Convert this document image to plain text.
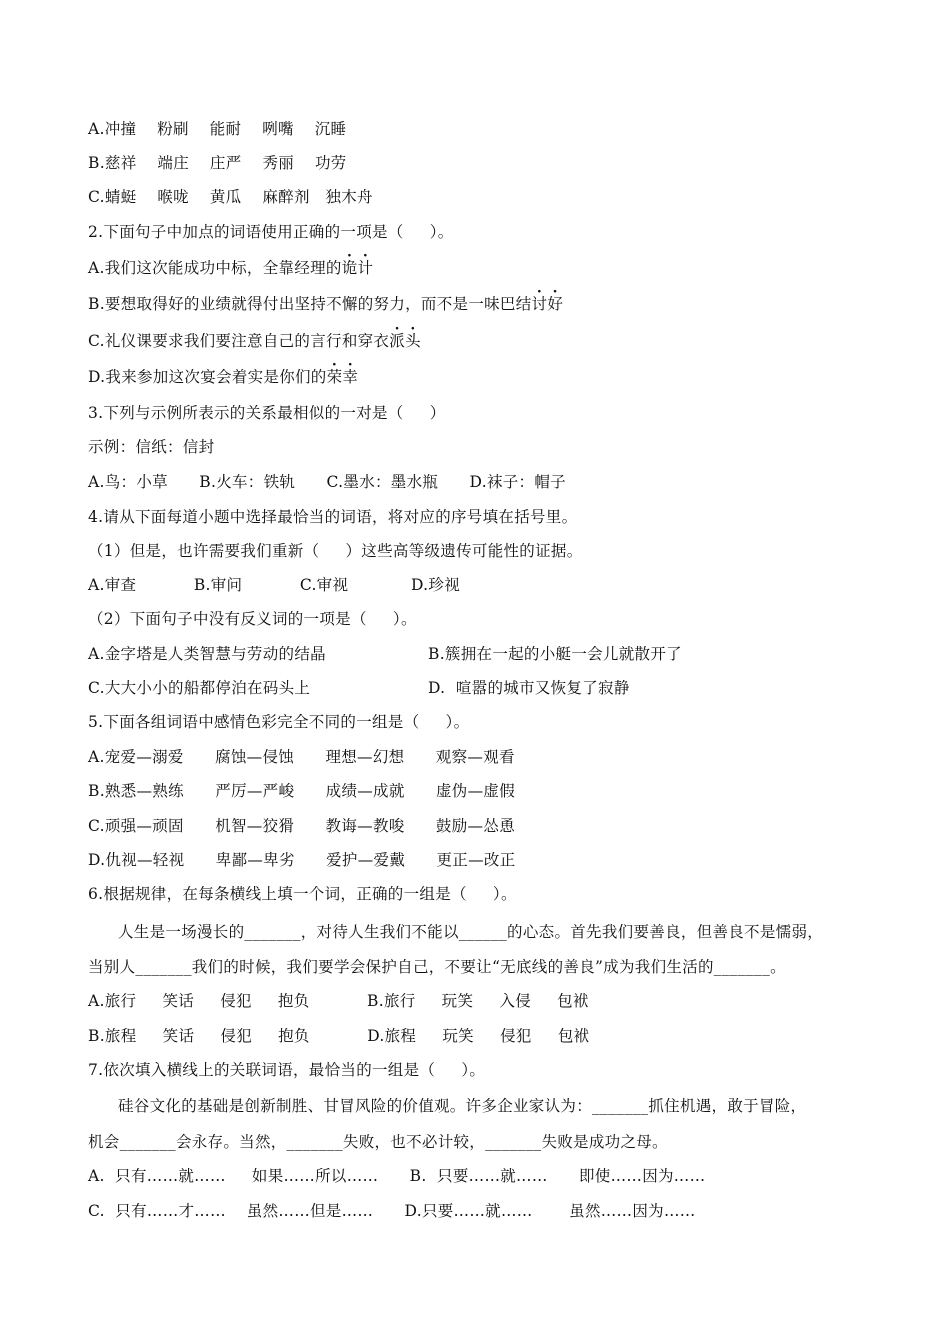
A.冲撞    粉刷    能耐    咧嘴    沉睡
B.慈祥    端庄    庄严    秀丽    功劳
C.蜻蜓    喉咙    黄瓜    麻醉剂   独木舟
2.下面句子中加点的词语使用正确的一项是（     ）。
A.我们这次能成功中标，全靠经理的诡计
B.要想取得好的业绩就得付出坚持不懈的努力，而不是一味巴结讨好
C.礼仪课要求我们要注意自己的言行和穿衣派头
D.我来参加这次宴会着实是你们的荣幸
3.下列与示例所表示的关系最相似的一对是（     ）
示例：信纸：信封
A.鸟：小草      B.火车：铁轨      C.墨水：墨水瓶      D.袜子：帽子
4.请从下面每道小题中选择最恰当的词语，将对应的序号填在括号里。
（1）但是，也许需要我们重新（     ）这些高等级遗传可能性的证据。
A.审查           B.审问           C.审视            D.珍视
（2）下面句子中没有反义词的一项是（     ）。
A.金字塔是人类智慧与劳动的结晶	B.簇拥在一起的小艇一会儿就散开了
C.大大小小的船都停泊在码头上	D.  喧嚣的城市又恢复了寂静
5.下面各组词语中感情色彩完全不同的一组是（     ）。
A.宠爱—溺爱      腐蚀—侵蚀      理想—幻想      观察—观看
B.熟悉—熟练      严厉—严峻      成绩—成就      虚伪—虚假
C.顽强—顽固      机智—狡猾      教诲—教唆      鼓励—怂恿
D.仇视—轻视      卑鄙—卑劣      爱护—爱戴      更正—改正
6.根据规律，在每条横线上填一个词，正确的一组是（     ）。
人生是一场漫长的_______，对待人生我们不能以______的心态。首先我们要善良，但善良不是懦弱，
当别人_______我们的时候，我们要学会保护自己，不要让“无底线的善良”成为我们生活的_______。
A.旅行     笑话     侵犯     抱负           B.旅行     玩笑     入侵     包袱
B.旅程     笑话     侵犯     抱负           D.旅程     玩笑     侵犯     包袱
7.依次填入横线上的关联词语，最恰当的一组是（     ）。
硅谷文化的基础是创新制胜、甘冒风险的价值观。许多企业家认为：_______抓住机遇，敢于冒险，
机会_______会永存。当然，_______失败，也不必计较，_______失败是成功之母。
A.  只有……就……     如果……所以……      B.  只要……就……      即使……因为……
C.  只有……才……    虽然……但是……      D.只要……就……       虽然……因为……
